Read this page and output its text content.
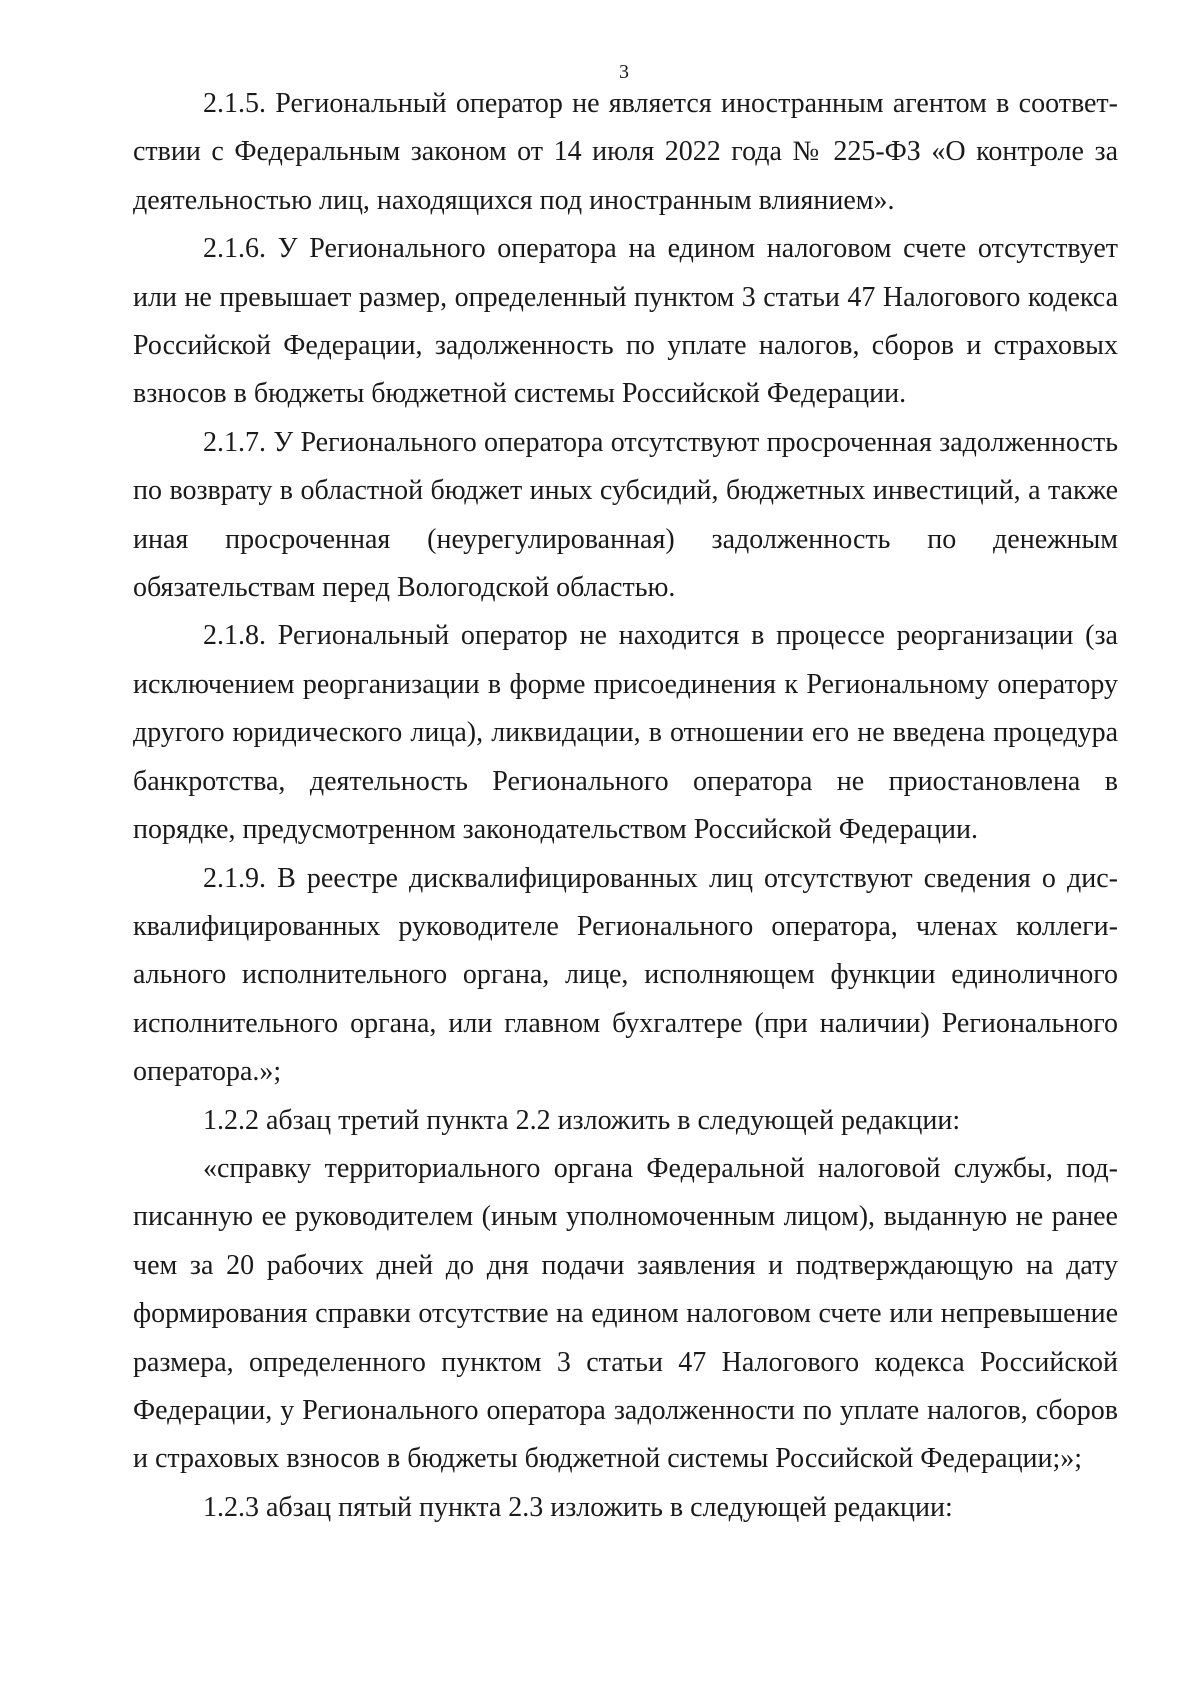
3

2.1.5. Региональный оператор не является иностранным агентом в соответствии с Федеральным законом от 14 июля 2022 года № 225-ФЗ «О контроле за деятельностью лиц, находящихся под иностранным влиянием».

2.1.6. У Регионального оператора на едином налоговом счете отсутствует или не превышает размер, определенный пунктом 3 статьи 47 Налогового кодекса Российской Федерации, задолженность по уплате налогов, сборов и страховых взносов в бюджеты бюджетной системы Российской Федерации.

2.1.7. У Регионального оператора отсутствуют просроченная задолженность по возврату в областной бюджет иных субсидий, бюджетных инвестиций, а также иная просроченная (неурегулированная) задолженность по денежным обязательствам перед Вологодской областью.

2.1.8. Региональный оператор не находится в процессе реорганизации (за исключением реорганизации в форме присоединения к Региональному оператору другого юридического лица), ликвидации, в отношении его не введена процедура банкротства, деятельность Регионального оператора не приостановлена в порядке, предусмотренном законодательством Российской Федерации.

2.1.9. В реестре дисквалифицированных лиц отсутствуют сведения о дисквалифицированных руководителе Регионального оператора, членах коллегиального исполнительного органа, лице, исполняющем функции единоличного исполнительного органа, или главном бухгалтере (при наличии) Регионального оператора.»;

1.2.2 абзац третий пункта 2.2 изложить в следующей редакции:

«справку территориального органа Федеральной налоговой службы, подписанную ее руководителем (иным уполномоченным лицом), выданную не ранее чем за 20 рабочих дней до дня подачи заявления и подтверждающую на дату формирования справки отсутствие на едином налоговом счете или непревышение размера, определенного пунктом 3 статьи 47 Налогового кодекса Российской Федерации, у Регионального оператора задолженности по уплате налогов, сборов и страховых взносов в бюджеты бюджетной системы Российской Федерации;»;

1.2.3 абзац пятый пункта 2.3 изложить в следующей редакции:
